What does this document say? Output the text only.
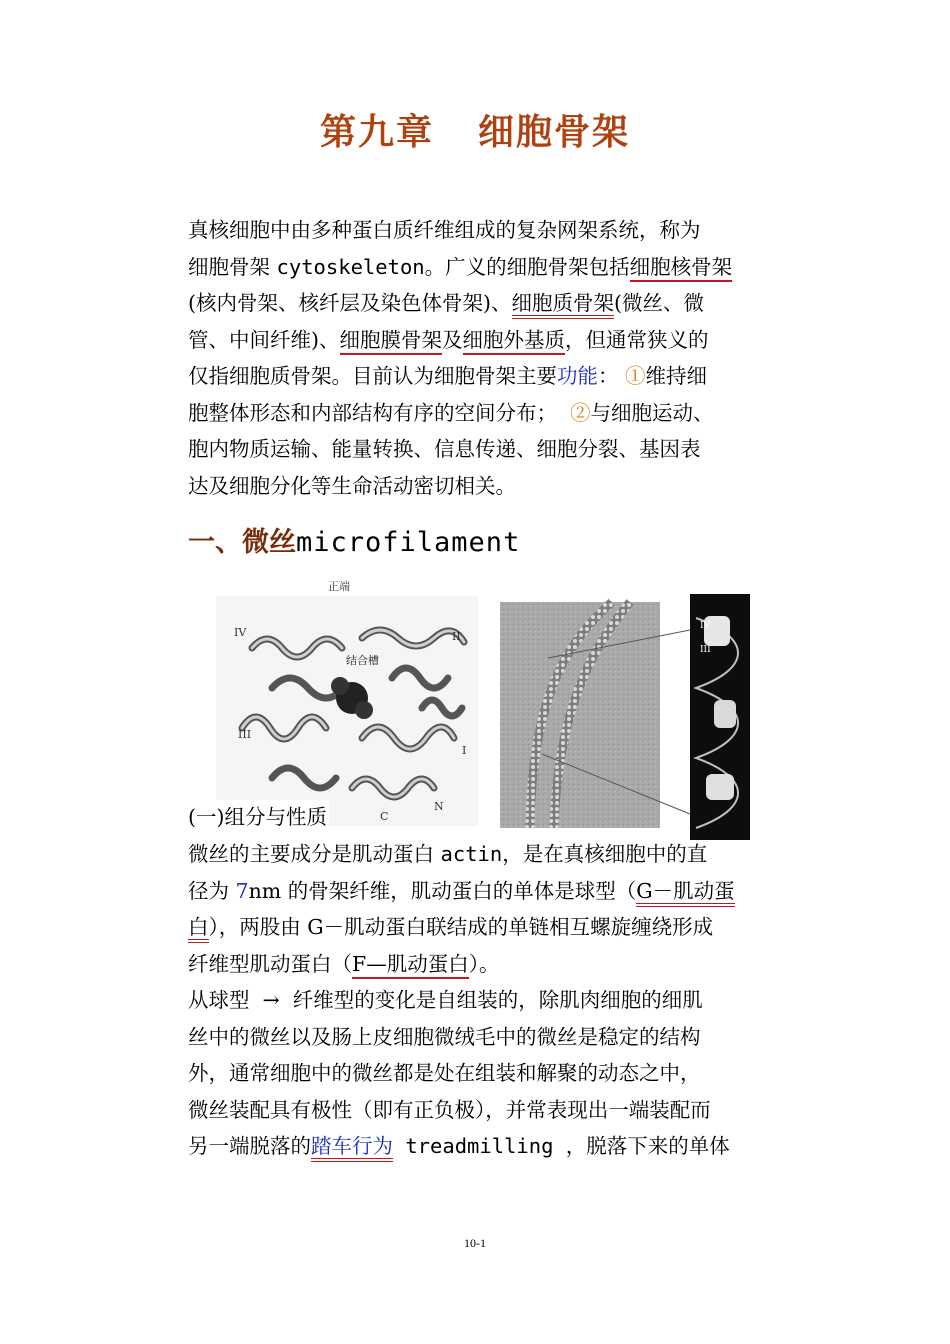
第九章 细胞骨架
真核细胞中由多种蛋白质纤维组成的复杂网架系统，称为
细胞骨架 cytoskeleton。广义的细胞骨架包括细胞核骨架
(核内骨架、核纤层及染色体骨架)、细胞质骨架(微丝、微
管、中间纤维)、细胞膜骨架及细胞外基质，但通常狭义的
仅指细胞质骨架。目前认为细胞骨架主要功能： ①维持细
胞整体形态和内部结构有序的空间分布；  ②与细胞运动、
胞内物质运输、能量转换、信息传递、细胞分裂、基因表
达及细胞分化等生命活动密切相关。
一、微丝microfilament
正端
结合槽
IV	II
III
I
C
N
IV
III
(一)组分与性质
微丝的主要成分是肌动蛋白 actin，是在真核细胞中的直
径为 7nm 的骨架纤维，肌动蛋白的单体是球型（G－肌动蛋
白），两股由 G－肌动蛋白联结成的单链相互螺旋缠绕形成
纤维型肌动蛋白（F—肌动蛋白）。
从球型  →  纤维型的变化是自组装的，除肌肉细胞的细肌
丝中的微丝以及肠上皮细胞微绒毛中的微丝是稳定的结构
外，通常细胞中的微丝都是处在组装和解聚的动态之中，
微丝装配具有极性（即有正负极），并常表现出一端装配而
另一端脱落的踏车行为 treadmilling ，脱落下来的单体
10-1
